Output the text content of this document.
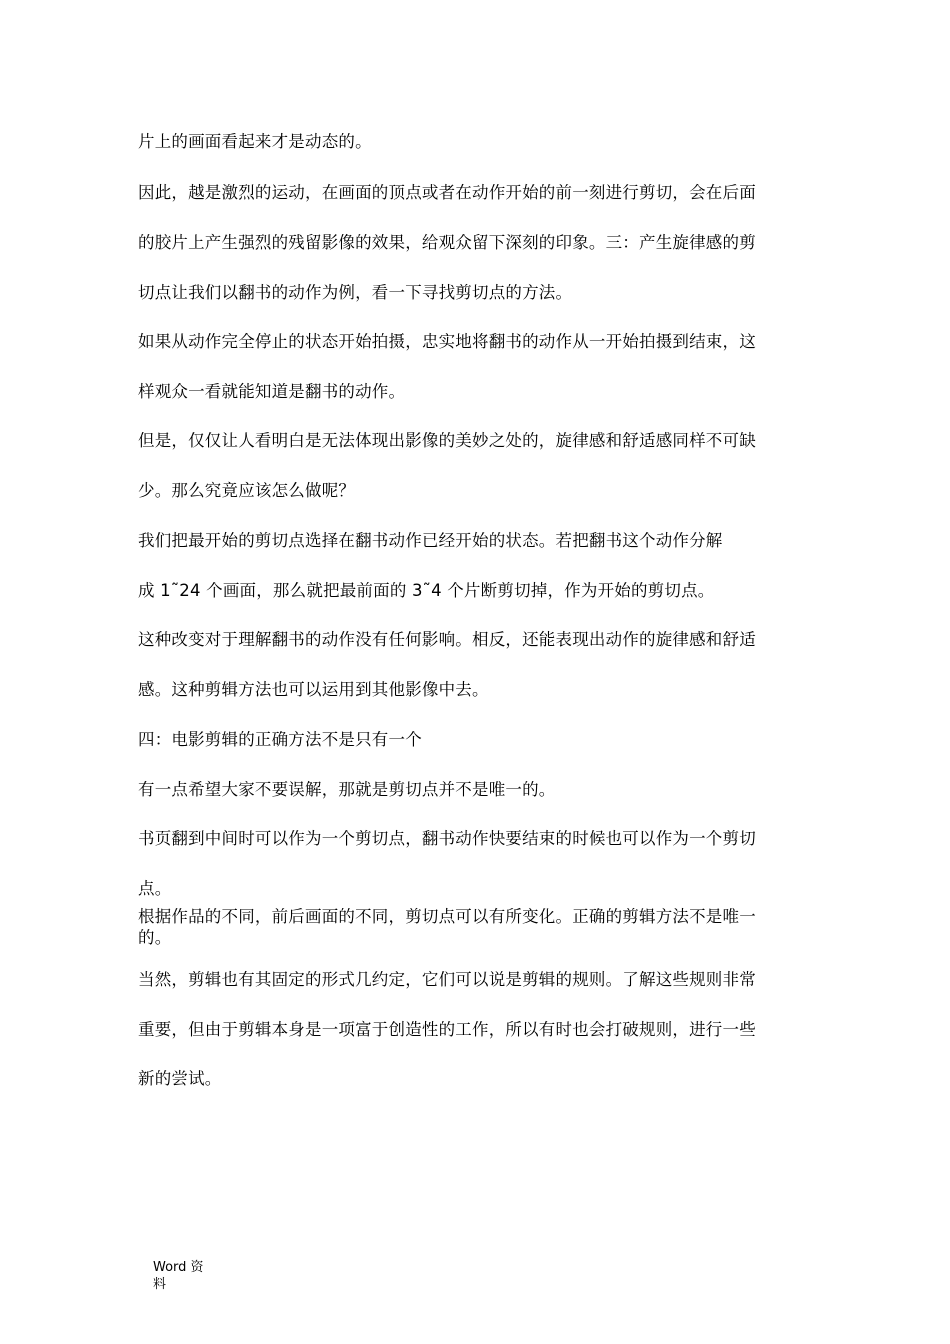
片上的画面看起来才是动态的。
因此，越是激烈的运动，在画面的顶点或者在动作开始的前一刻进行剪切，会在后面
的胶片上产生强烈的残留影像的效果，给观众留下深刻的印象。三：产生旋律感的剪
切点让我们以翻书的动作为例，看一下寻找剪切点的方法。
如果从动作完全停止的状态开始拍摄，忠实地将翻书的动作从一开始拍摄到结束，这
样观众一看就能知道是翻书的动作。
但是，仅仅让人看明白是无法体现出影像的美妙之处的，旋律感和舒适感同样不可缺
少。那么究竟应该怎么做呢？
我们把最开始的剪切点选择在翻书动作已经开始的状态。若把翻书这个动作分解
成 1˜24 个画面，那么就把最前面的 3˜4 个片断剪切掉，作为开始的剪切点。
这种改变对于理解翻书的动作没有任何影响。相反，还能表现出动作的旋律感和舒适
感。这种剪辑方法也可以运用到其他影像中去。
四：电影剪辑的正确方法不是只有一个
有一点希望大家不要误解，那就是剪切点并不是唯一的。
书页翻到中间时可以作为一个剪切点，翻书动作快要结束的时候也可以作为一个剪切
点。
根据作品的不同，前后画面的不同，剪切点可以有所变化。正确的剪辑方法不是唯一
的。
当然，剪辑也有其固定的形式几约定，它们可以说是剪辑的规则。了解这些规则非常
重要，但由于剪辑本身是一项富于创造性的工作，所以有时也会打破规则，进行一些
新的尝试。
Word 资
料
